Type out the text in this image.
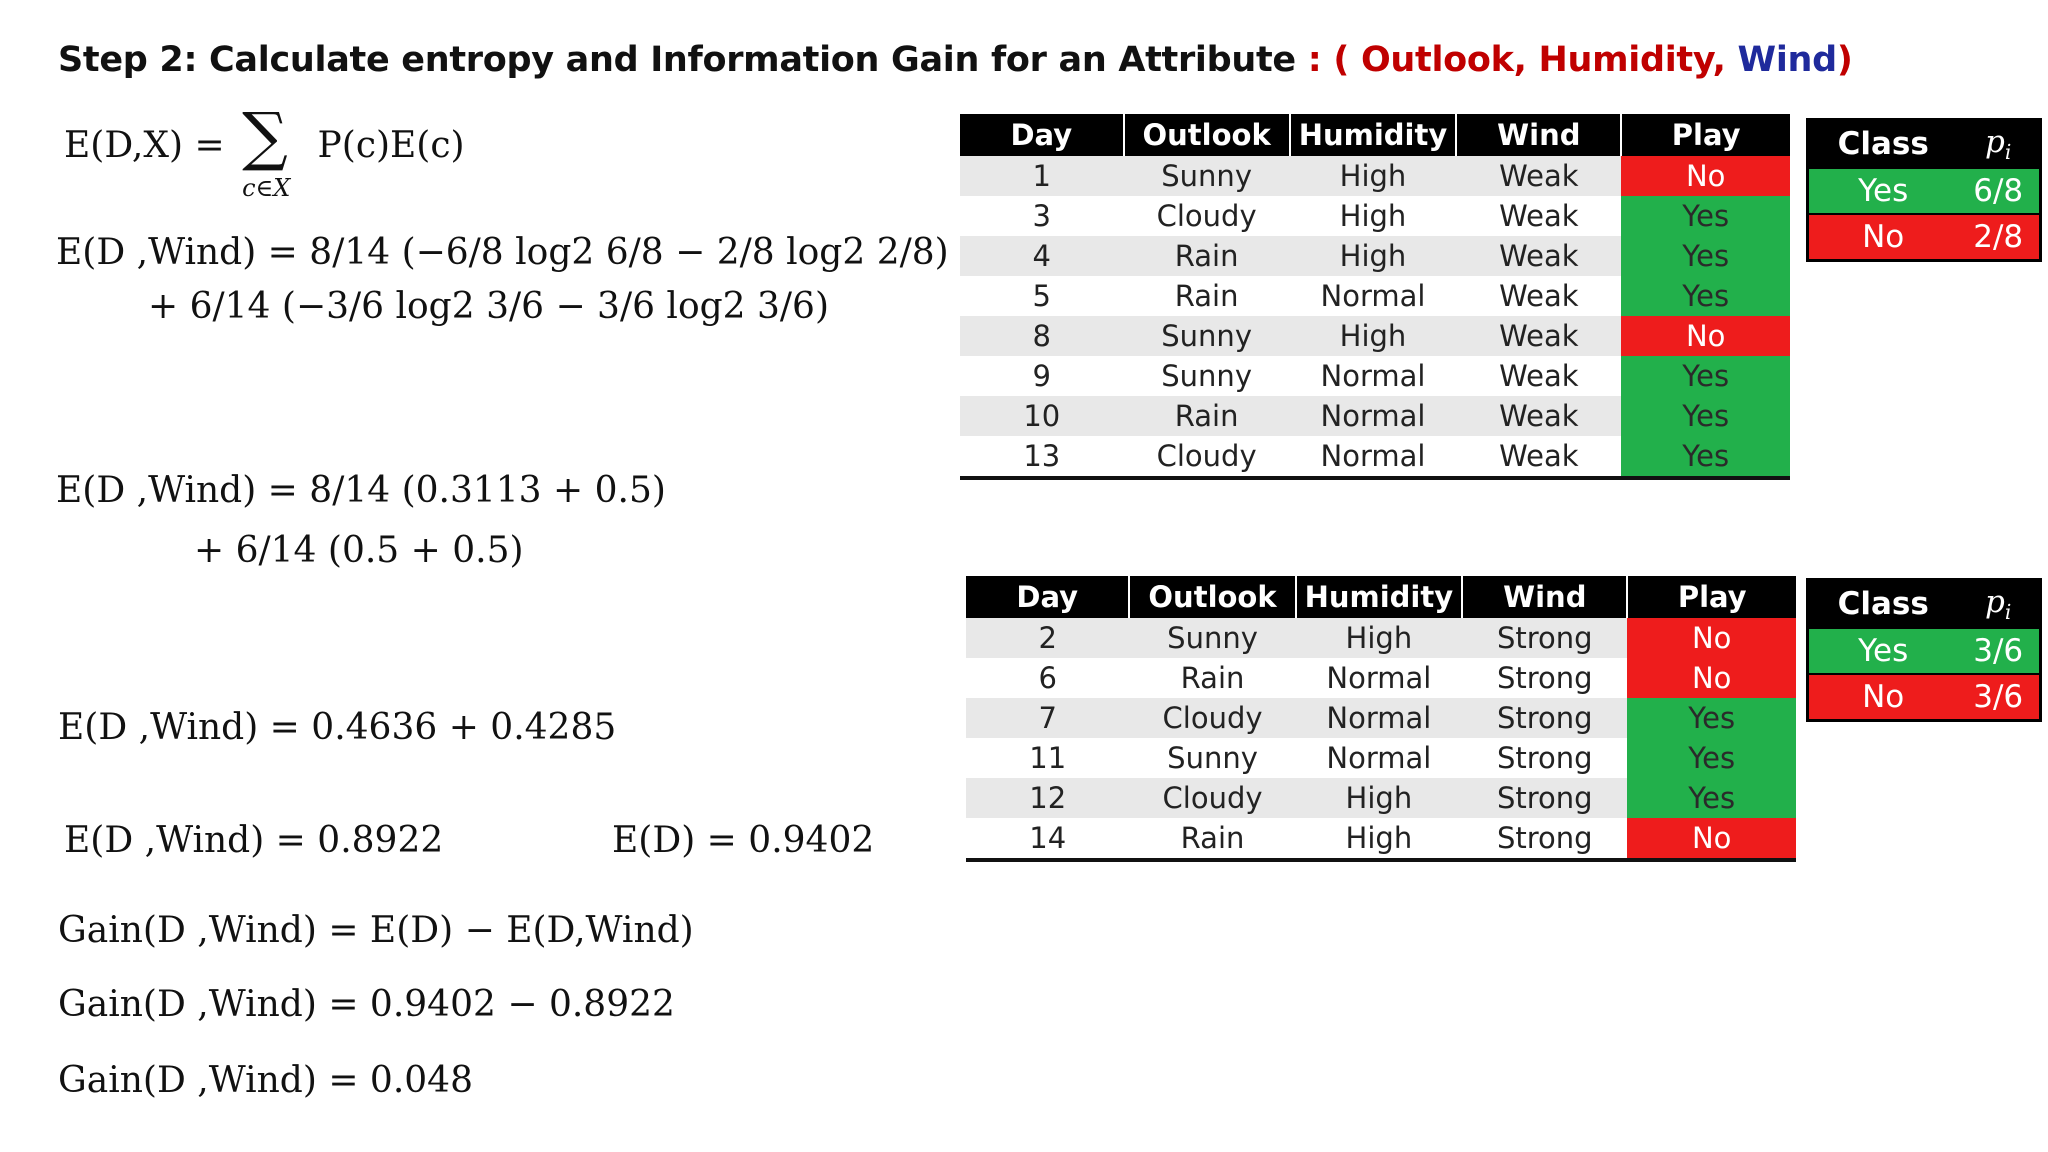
Step 2: Calculate entropy and Information Gain for an Attribute : ( Outlook, Humidity, Wind)
E(D,X) = ∑
c∈X
P(c)E(c)
E(D ,Wind) = 8/14 (−6/8 log2 6/8 − 2/8 log2 2/8)
+ 6/14 (−3/6 log2 3/6 − 3/6 log2 3/6)
E(D ,Wind) = 8/14 (0.3113 + 0.5)
+ 6/14 (0.5 + 0.5)
E(D ,Wind) = 0.4636 + 0.4285
E(D ,Wind) = 0.8922	E(D) = 0.9402
Gain(D ,Wind) = E(D) − E(D,Wind)
Gain(D ,Wind) = 0.9402 − 0.8922
Gain(D ,Wind) = 0.048
Day	Outlook	Humidity	Wind	Play
1	Sunny	High	Weak	No
3	Cloudy	High	Weak	Yes
4	Rain	High	Weak	Yes
5	Rain	Normal	Weak	Yes
8	Sunny	High	Weak	No
9	Sunny	Normal	Weak	Yes
10	Rain	Normal	Weak	Yes
13	Cloudy	Normal	Weak	Yes
Day	Outlook	Humidity	Wind	Play
2	Sunny	High	Strong	No
6	Rain	Normal	Strong	No
7	Cloudy	Normal	Strong	Yes
11	Sunny	Normal	Strong	Yes
12	Cloudy	High	Strong	Yes
14	Rain	High	Strong	No
Class	$p_i$
Yes	6/8
No	2/8
Class	$p_i$
Yes	3/6
No	3/6
